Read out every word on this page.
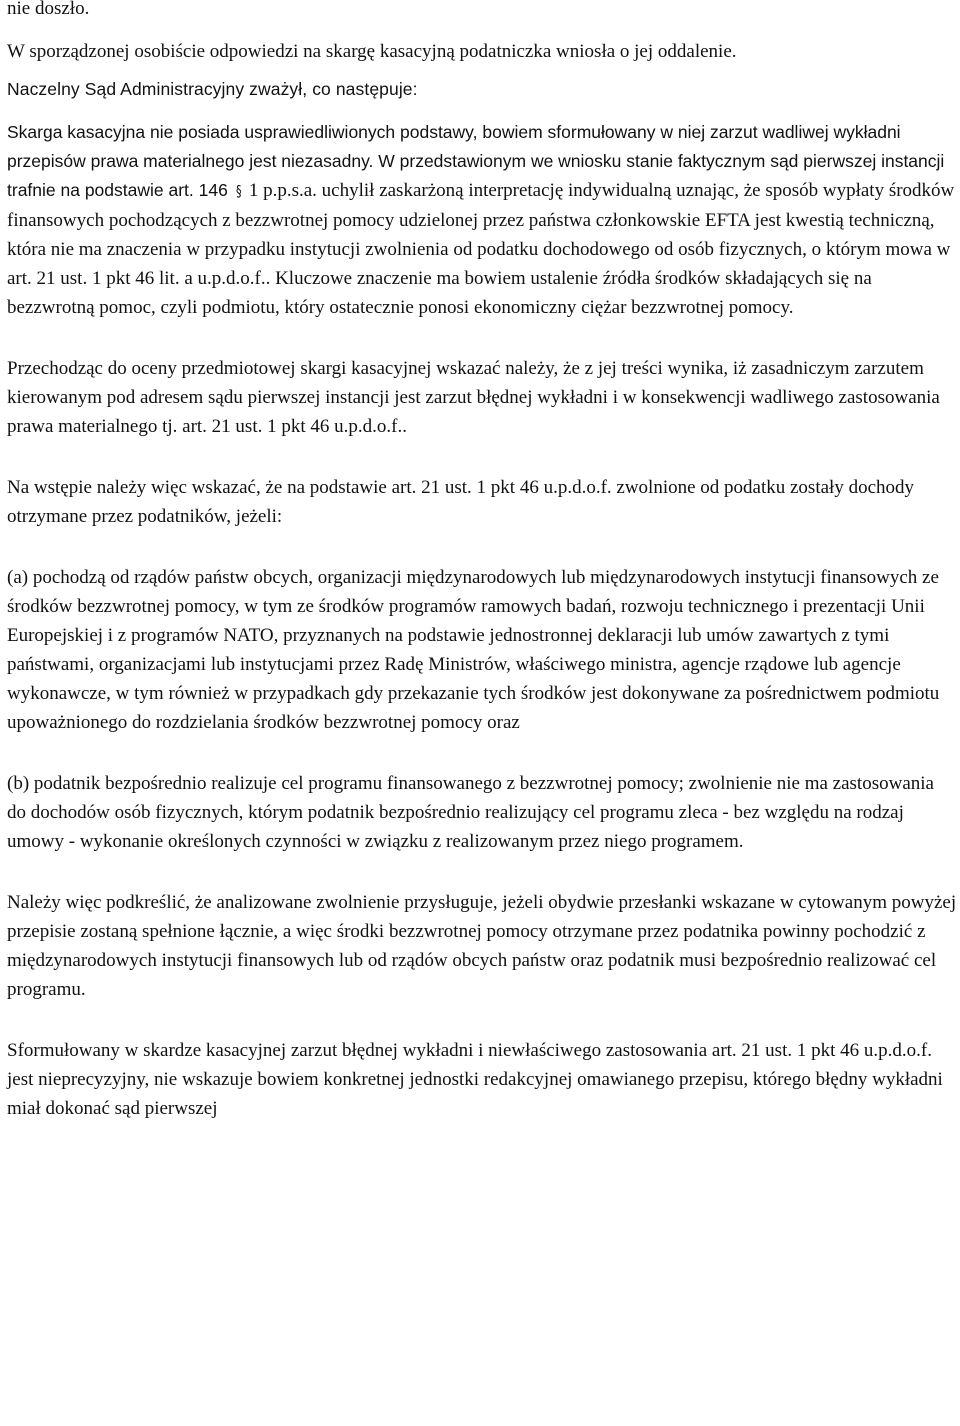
nie doszło.

W sporządzonej osobiście odpowiedzi na skargę kasacyjną podatniczka wniosła o jej oddalenie.

Naczelny Sąd Administracyjny zważył, co następuje:

Skarga kasacyjna nie posiada usprawiedliwionych podstawy, bowiem sformułowany w niej zarzut wadliwej wykładni przepisów prawa materialnego jest niezasadny. W przedstawionym we wniosku stanie faktycznym sąd pierwszej instancji trafnie na podstawie art. 146 § 1 p.p.s.a. uchylił zaskarżoną interpretację indywidualną uznając, że sposób wypłaty środków finansowych pochodzących z bezzwrotnej pomocy udzielonej przez państwa członkowskie EFTA jest kwestią techniczną, która nie ma znaczenia w przypadku instytucji zwolnienia od podatku dochodowego od osób fizycznych, o którym mowa w art. 21 ust. 1 pkt 46 lit. a u.p.d.o.f.. Kluczowe znaczenie ma bowiem ustalenie źródła środków składających się na bezzwrotną pomoc, czyli podmiotu, który ostatecznie ponosi ekonomiczny ciężar bezzwrotnej pomocy.

Przechodząc do oceny przedmiotowej skargi kasacyjnej wskazać należy, że z jej treści wynika, iż zasadniczym zarzutem kierowanym pod adresem sądu pierwszej instancji jest zarzut błędnej wykładni i w konsekwencji wadliwego zastosowania prawa materialnego tj. art. 21 ust. 1 pkt 46 u.p.d.o.f..

Na wstępie należy więc wskazać, że na podstawie art. 21 ust. 1 pkt 46 u.p.d.o.f. zwolnione od podatku zostały dochody otrzymane przez podatników, jeżeli:

(a) pochodzą od rządów państw obcych, organizacji międzynarodowych lub międzynarodowych instytucji finansowych ze środków bezzwrotnej pomocy, w tym ze środków programów ramowych badań, rozwoju technicznego i prezentacji Unii Europejskiej i z programów NATO, przyznanych na podstawie jednostronnej deklaracji lub umów zawartych z tymi państwami, organizacjami lub instytucjami przez Radę Ministrów, właściwego ministra, agencje rządowe lub agencje wykonawcze, w tym również w przypadkach gdy przekazanie tych środków jest dokonywane za pośrednictwem podmiotu upoważnionego do rozdzielania środków bezzwrotnej pomocy oraz

(b) podatnik bezpośrednio realizuje cel programu finansowanego z bezzwrotnej pomocy; zwolnienie nie ma zastosowania do dochodów osób fizycznych, którym podatnik bezpośrednio realizujący cel programu zleca - bez względu na rodzaj umowy - wykonanie określonych czynności w związku z realizowanym przez niego programem.

Należy więc podkreślić, że analizowane zwolnienie przysługuje, jeżeli obydwie przesłanki wskazane w cytowanym powyżej przepisie zostaną spełnione łącznie, a więc środki bezzwrotnej pomocy otrzymane przez podatnika powinny pochodzić z międzynarodowych instytucji finansowych lub od rządów obcych państw oraz podatnik musi bezpośrednio realizować cel programu.

Sformułowany w skardze kasacyjnej zarzut błędnej wykładni i niewłaściwego zastosowania art. 21 ust. 1 pkt 46 u.p.d.o.f. jest nieprecyzyjny, nie wskazuje bowiem konkretnej jednostki redakcyjnej omawianego przepisu, którego błędny wykładni miał dokonać sąd pierwszej
